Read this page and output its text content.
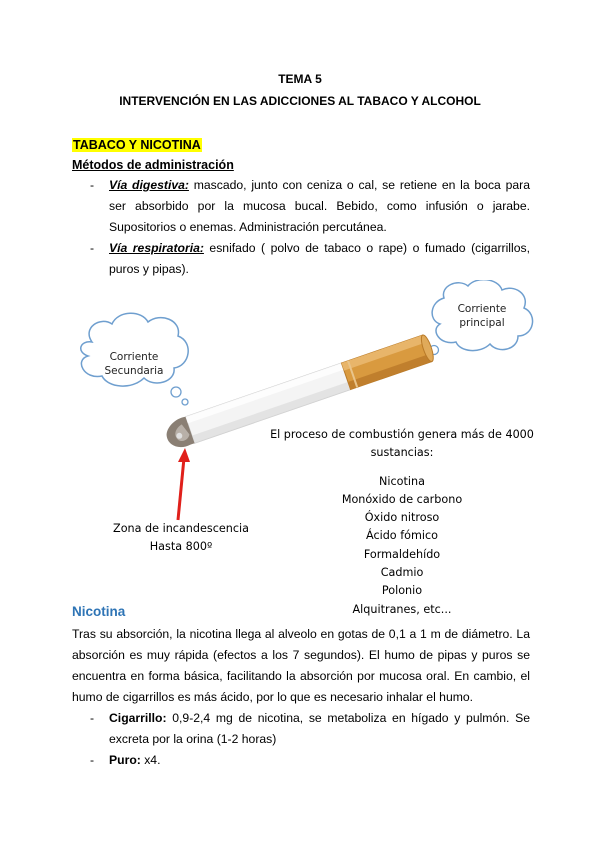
TEMA 5
INTERVENCIÓN EN LAS ADICCIONES AL TABACO Y ALCOHOL
TABACO Y NICOTINA
Métodos de administración
- Vía digestiva: mascado, junto con ceniza o cal, se retiene en la boca para
ser absorbido por la mucosa bucal. Bebido, como infusión o jarabe.
Supositorios o enemas. Administración percutánea.
- Vía respiratoria: esnifado ( polvo de tabaco o rape) o fumado (cigarrillos,
puros y pipas).
Corriente
Secundaria
Corriente
principal
El proceso de combustión genera más de 4000
sustancias:
Nicotina
Monóxido de carbono
Óxido nitroso
Ácido fómico
Formaldehído
Cadmio
Polonio
Alquitranes, etc...
Zona de incandescencia
Hasta 800º
Nicotina
Tras su absorción, la nicotina llega al alveolo en gotas de 0,1 a 1 m de diámetro. La
absorción es muy rápida (efectos a los 7 segundos). El humo de pipas y puros se
encuentra en forma básica, facilitando la absorción por mucosa oral. En cambio, el
humo de cigarrillos es más ácido, por lo que es necesario inhalar el humo.
- Cigarrillo: 0,9-2,4 mg de nicotina, se metaboliza en hígado y pulmón. Se
excreta por la orina (1-2 horas)
- Puro: x4.
